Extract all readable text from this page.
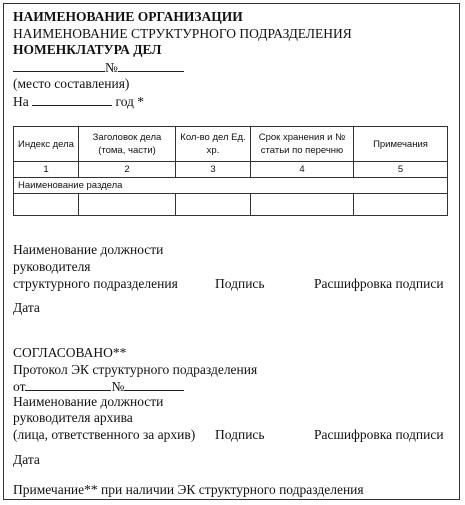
НАИМЕНОВАНИЕ ОРГАНИЗАЦИИ
НАИМЕНОВАНИЕ СТРУКТУРНОГО ПОДРАЗДЕЛЕНИЯ
НОМЕНКЛАТУРА ДЕЛ
№
(место составления)
На	год *
Индекс дела	Заголовок дела (тома, части)	Кол-во дел Ед. хр.	Срок хранения и № статьи по перечню	Примечания
1	2	3	4	5
Наименование раздела				

Наименование должности
руководителя
структурного подразделения	Подпись	Расшифровка подписи
Дата
СОГЛАСОВАНО**
Протокол ЭК структурного подразделения
от	№
Наименование должности
руководителя архива
(лица, ответственного за архив) Подпись	Расшифровка подписи
Дата
Примечание** при наличии ЭК структурного подразделения
